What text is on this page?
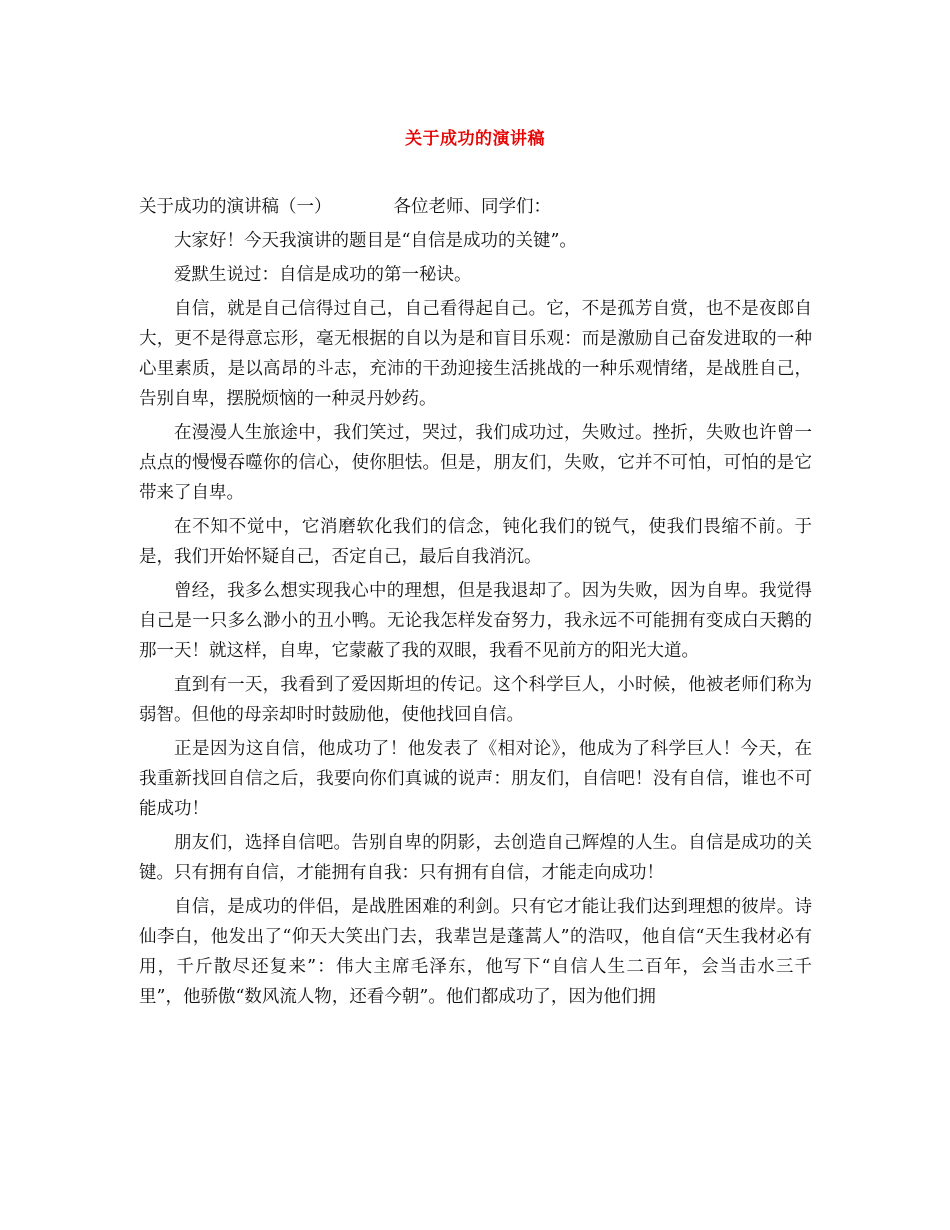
关于成功的演讲稿

关于成功的演讲稿（一）	各位老师、同学们：

大家好！今天我演讲的题目是“自信是成功的关键”。

爱默生说过：自信是成功的第一秘诀。

自信，就是自己信得过自己，自己看得起自己。它，不是孤芳自赏，也不是夜郎自大，更不是得意忘形，毫无根据的自以为是和盲目乐观：而是激励自己奋发进取的一种心里素质，是以高昂的斗志，充沛的干劲迎接生活挑战的一种乐观情绪，是战胜自己，告别自卑，摆脱烦恼的一种灵丹妙药。

在漫漫人生旅途中，我们笑过，哭过，我们成功过，失败过。挫折，失败也许曾一点点的慢慢吞噬你的信心，使你胆怯。但是，朋友们，失败，它并不可怕，可怕的是它带来了自卑。

在不知不觉中，它消磨软化我们的信念，钝化我们的锐气，使我们畏缩不前。于是，我们开始怀疑自己，否定自己，最后自我消沉。

曾经，我多么想实现我心中的理想，但是我退却了。因为失败，因为自卑。我觉得自己是一只多么渺小的丑小鸭。无论我怎样发奋努力，我永远不可能拥有变成白天鹅的那一天！就这样，自卑，它蒙蔽了我的双眼，我看不见前方的阳光大道。

直到有一天，我看到了爱因斯坦的传记。这个科学巨人，小时候，他被老师们称为弱智。但他的母亲却时时鼓励他，使他找回自信。

正是因为这自信，他成功了！他发表了《相对论》，他成为了科学巨人！今天，在我重新找回自信之后，我要向你们真诚的说声：朋友们，自信吧！没有自信，谁也不可能成功！

朋友们，选择自信吧。告别自卑的阴影，去创造自己辉煌的人生。自信是成功的关键。只有拥有自信，才能拥有自我：只有拥有自信，才能走向成功！

自信，是成功的伴侣，是战胜困难的利剑。只有它才能让我们达到理想的彼岸。诗仙李白，他发出了“仰天大笑出门去，我辈岂是蓬蒿人”的浩叹，他自信“天生我材必有用，千斤散尽还复来”：伟大主席毛泽东，他写下“自信人生二百年，会当击水三千里”，他骄傲“数风流人物，还看今朝”。他们都成功了，因为他们拥
